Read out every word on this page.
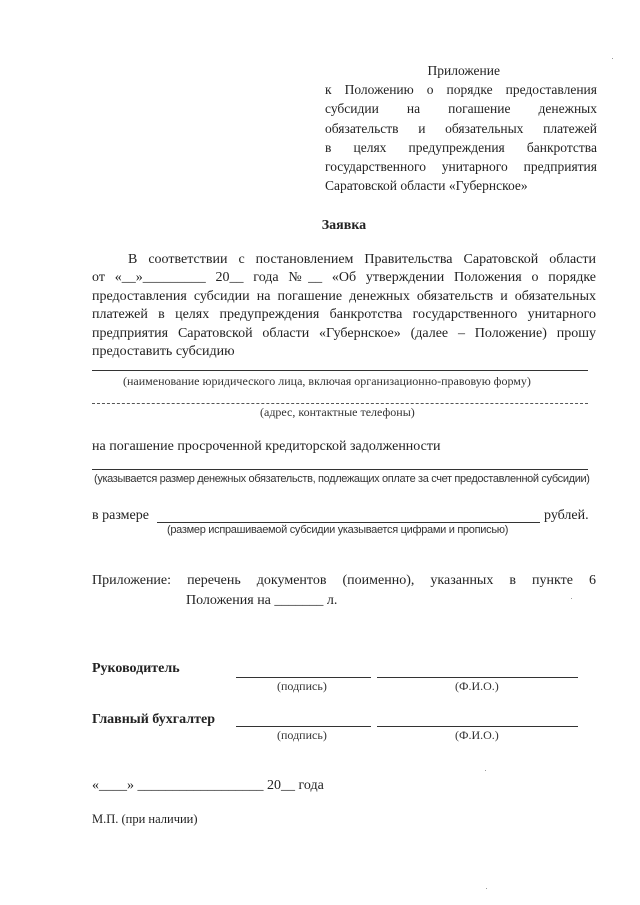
Приложение
к Положению о порядке предоставления
субсидии на погашение денежных
обязательств и обязательных платежей
в целях предупреждения банкротства
государственного унитарного предприятия
Саратовской области «Губернское»
Заявка
В соответствии с постановлением Правительства Саратовской области
от «__»_________ 20__ года №__ «Об утверждении Положения о порядке
предоставления субсидии на погашение денежных обязательств и обязательных
платежей в целях предупреждения банкротства государственного унитарного
предприятия Саратовской области «Губернское» (далее – Положение) прошу
предоставить субсидию
(наименование юридического лица, включая организационно-правовую форму)
(адрес, контактные телефоны)
на погашение просроченной кредиторской задолженности
(указывается размер денежных обязательств, подлежащих оплате за счет предоставленной субсидии)
в размере	рублей.
(размер испрашиваемой субсидии указывается цифрами и прописью)
Приложение: перечень документов (поименно), указанных в пункте 6
Положения на _______ л.
Руководитель
(подпись)	(Ф.И.О.)
Главный бухгалтер
(подпись)	(Ф.И.О.)
«____» __________________ 20__ года
М.П. (при наличии)
